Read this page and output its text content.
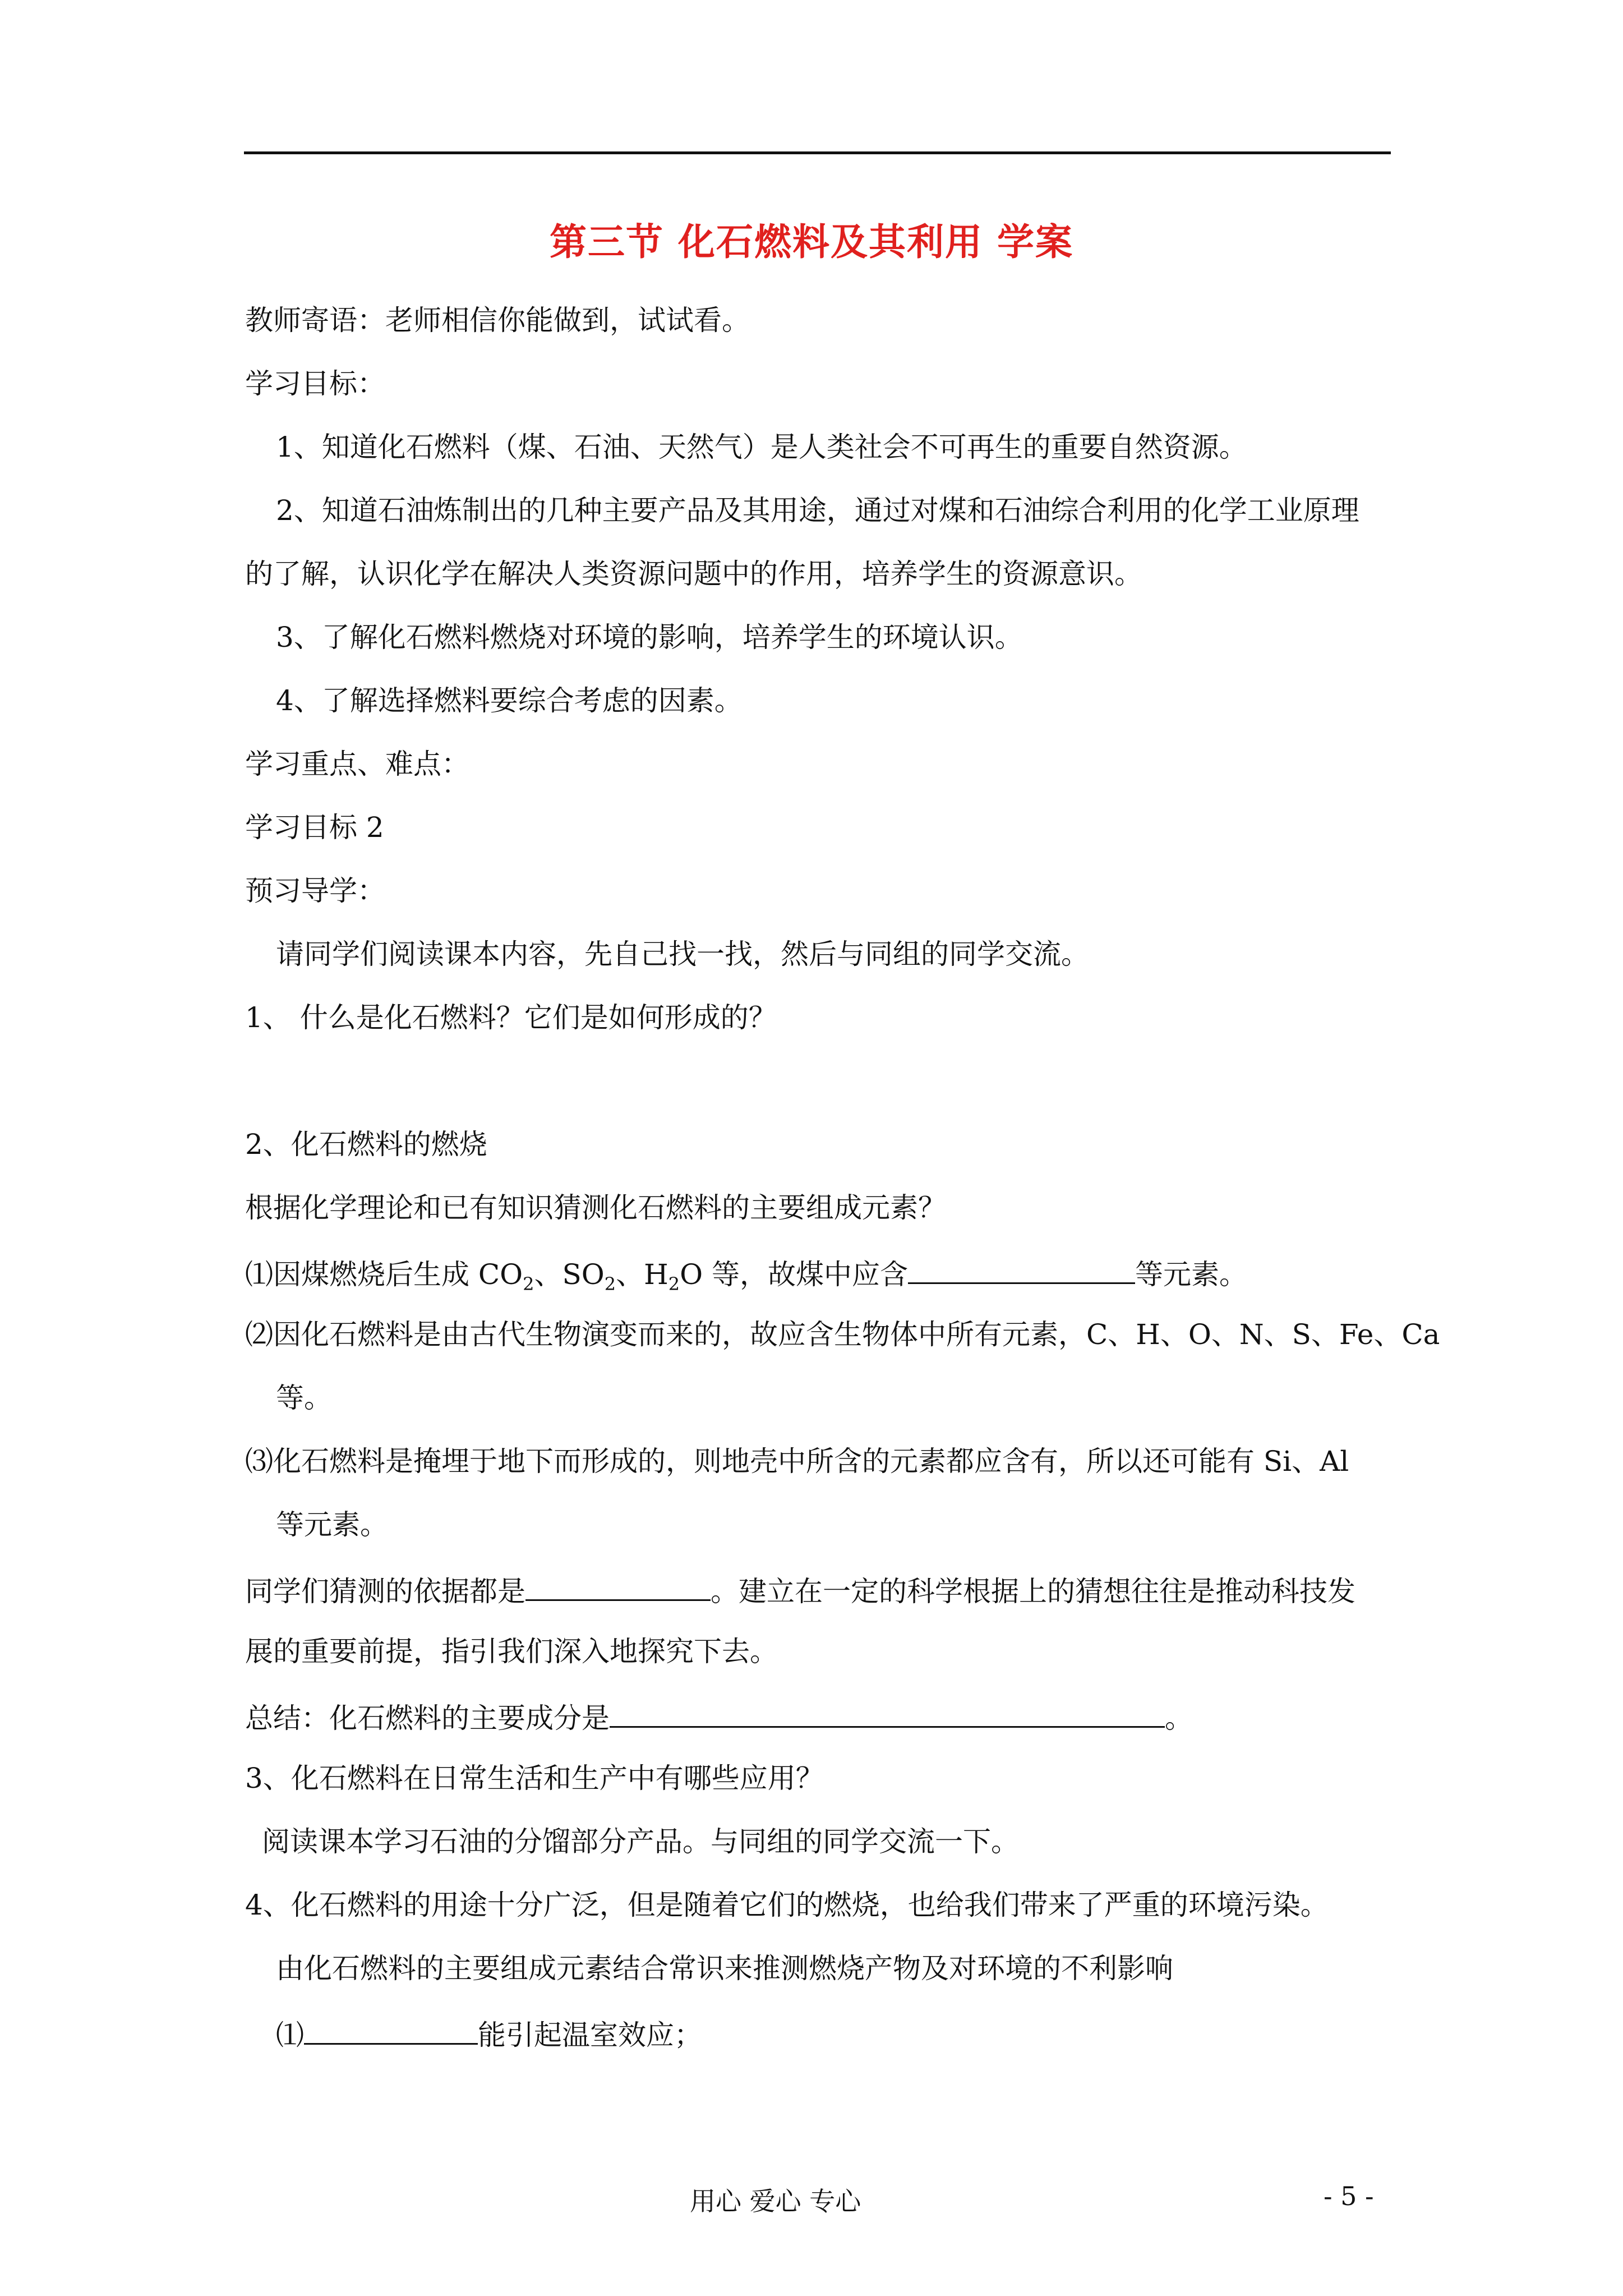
第三节 化石燃料及其利用 学案
教师寄语：老师相信你能做到，试试看。
学习目标：
1、知道化石燃料（煤、石油、天然气）是人类社会不可再生的重要自然资源。
2、知道石油炼制出的几种主要产品及其用途，通过对煤和石油综合利用的化学工业原理
的了解，认识化学在解决人类资源问题中的作用，培养学生的资源意识。
3、了解化石燃料燃烧对环境的影响，培养学生的环境认识。
4、了解选择燃料要综合考虑的因素。
学习重点、难点：
学习目标 2
预习导学：
请同学们阅读课本内容，先自己找一找，然后与同组的同学交流。
1、 什么是化石燃料？它们是如何形成的？
2、化石燃料的燃烧
根据化学理论和已有知识猜测化石燃料的主要组成元素？
⑴因煤燃烧后生成 $CO_2$、$SO_2$、$H_2O$ 等，故煤中应含	等元素。
⑵因化石燃料是由古代生物演变而来的，故应含生物体中所有元素，C、H、O、N、S、Fe、Ca
等。
⑶化石燃料是掩埋于地下而形成的，则地壳中所含的元素都应含有，所以还可能有 Si、Al
等元素。
同学们猜测的依据都是	。建立在一定的科学根据上的猜想往往是推动科技发
展的重要前提，指引我们深入地探究下去。
总结：化石燃料的主要成分是	。
3、化石燃料在日常生活和生产中有哪些应用？
阅读课本学习石油的分馏部分产品。与同组的同学交流一下。
4、化石燃料的用途十分广泛，但是随着它们的燃烧，也给我们带来了严重的环境污染。
由化石燃料的主要组成元素结合常识来推测燃烧产物及对环境的不利影响
⑴	能引起温室效应；
用心 爱心 专心	- 5 -
